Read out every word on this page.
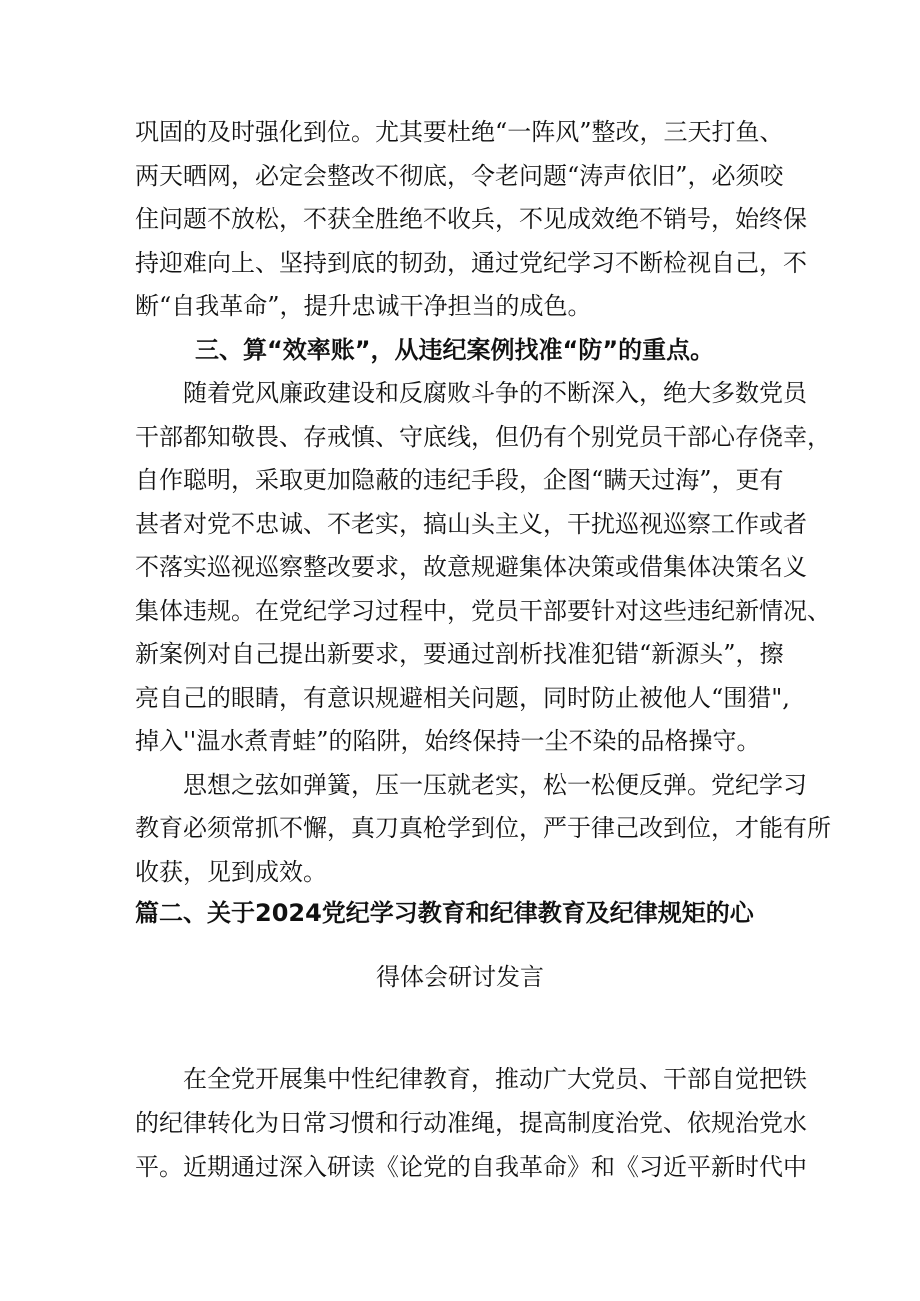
巩固的及时强化到位。尤其要杜绝“一阵风”整改，三天打鱼、
两天晒网，必定会整改不彻底，令老问题“涛声依旧”，必须咬
住问题不放松，不获全胜绝不收兵，不见成效绝不销号，始终保
持迎难向上、坚持到底的韧劲，通过党纪学习不断检视自己，不
断“自我革命”，提升忠诚干净担当的成色。
三、算“效率账”，从违纪案例找准“防”的重点。
随着党风廉政建设和反腐败斗争的不断深入，绝大多数党员
干部都知敬畏、存戒慎、守底线，但仍有个别党员干部心存侥幸，
自作聪明，采取更加隐蔽的违纪手段，企图“瞒天过海”，更有
甚者对党不忠诚、不老实，搞山头主义，干扰巡视巡察工作或者
不落实巡视巡察整改要求，故意规避集体决策或借集体决策名义
集体违规。在党纪学习过程中，党员干部要针对这些违纪新情况、
新案例对自己提出新要求，要通过剖析找准犯错“新源头”，擦
亮自己的眼睛，有意识规避相关问题，同时防止被他人“围猎",
掉入''温水煮青蛙”的陷阱，始终保持一尘不染的品格操守。
思想之弦如弹簧，压一压就老实，松一松便反弹。党纪学习
教育必须常抓不懈，真刀真枪学到位，严于律己改到位，才能有所
收获，见到成效。
篇二、关于2024党纪学习教育和纪律教育及纪律规矩的心
得体会研讨发言
在全党开展集中性纪律教育，推动广大党员、干部自觉把铁
的纪律转化为日常习惯和行动准绳，提高制度治党、依规治党水
平。近期通过深入研读《论党的自我革命》和《习近平新时代中
